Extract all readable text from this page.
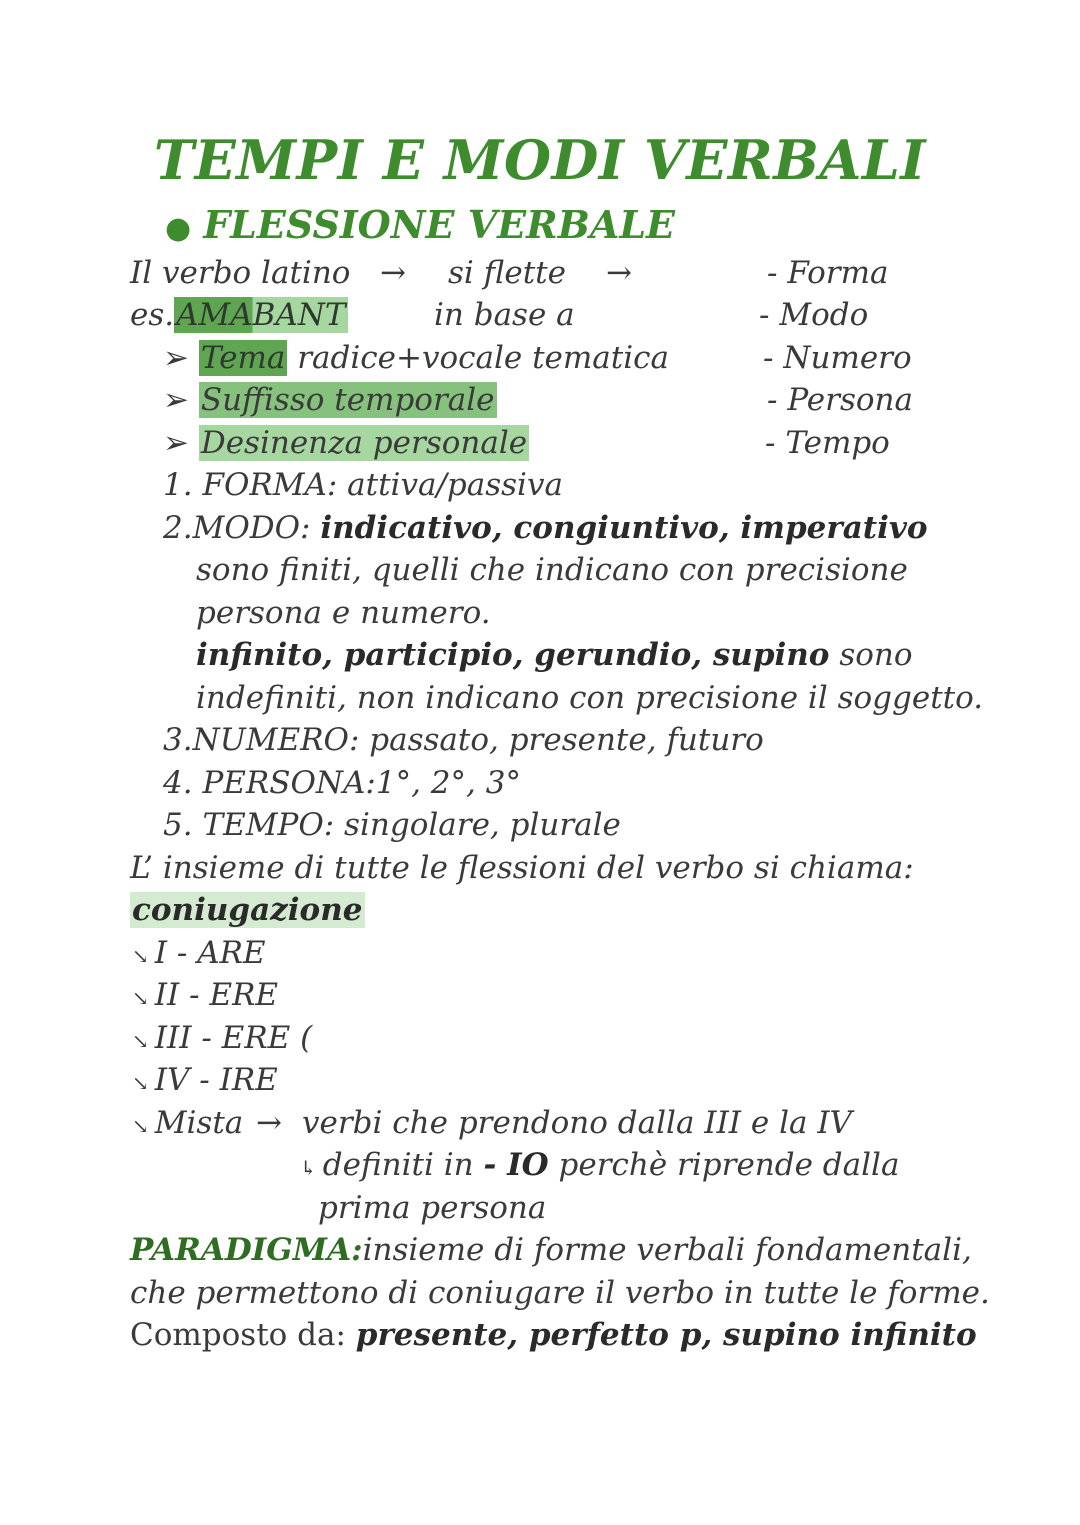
TEMPI E MODI VERBALI
● FLESSIONE VERBALE
Il verbo latino → si flette →
es.AMABANT	in base a
- Forma
- Modo
- Numero
- Persona
- Tempo
➢ Tema radice+vocale tematica
➢ Suffisso temporale
➢ Desinenza personale
1. FORMA: attiva/passiva
2.MODO: indicativo, congiuntivo, imperativo
sono finiti, quelli che indicano con precisione
persona e numero.
infinito, participio, gerundio, supino sono
indefiniti, non indicano con precisione il soggetto.
3.NUMERO: passato, presente, futuro
4. PERSONA:1°, 2°, 3°
5. TEMPO: singolare, plurale
L’ insieme di tutte le flessioni del verbo si chiama:
coniugazione
↘ I - ARE
↘ II - ERE
↘ III - ERE (
↘ IV - IRE
↘ Mista → verbi che prendono dalla III e la IV
↳ definiti in - IO perchè riprende dalla
prima persona
PARADIGMA:insieme di forme verbali fondamentali,
che permettono di coniugare il verbo in tutte le forme.
Composto da: presente, perfetto p, supino infinito
